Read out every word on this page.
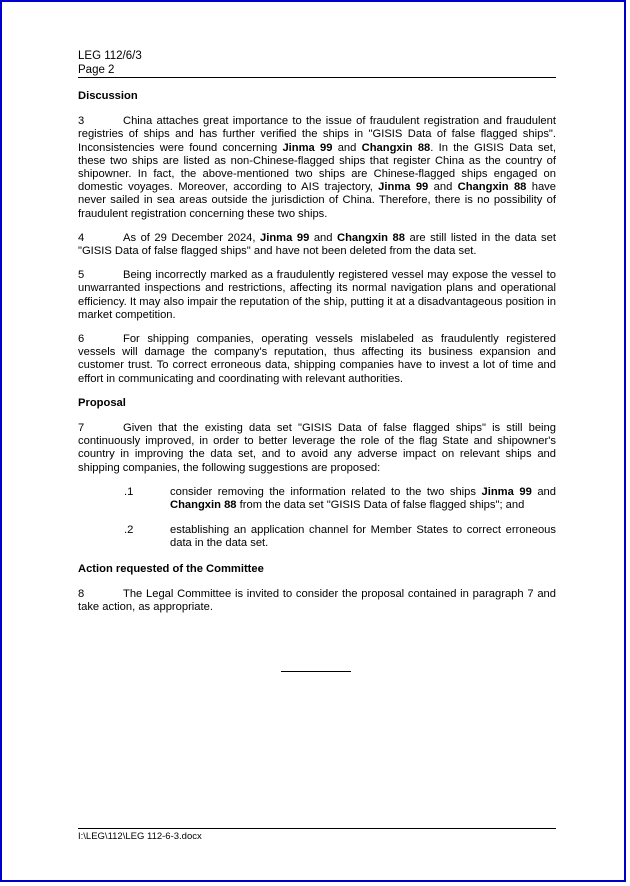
LEG 112/6/3
Page 2
Discussion
3	China attaches great importance to the issue of fraudulent registration and fraudulent registries of ships and has further verified the ships in "GISIS Data of false flagged ships". Inconsistencies were found concerning Jinma 99 and Changxin 88. In the GISIS Data set, these two ships are listed as non-Chinese-flagged ships that register China as the country of shipowner. In fact, the above-mentioned two ships are Chinese-flagged ships engaged on domestic voyages. Moreover, according to AIS trajectory, Jinma 99 and Changxin 88 have never sailed in sea areas outside the jurisdiction of China. Therefore, there is no possibility of fraudulent registration concerning these two ships.
4	As of 29 December 2024, Jinma 99 and Changxin 88 are still listed in the data set "GISIS Data of false flagged ships" and have not been deleted from the data set.
5	Being incorrectly marked as a fraudulently registered vessel may expose the vessel to unwarranted inspections and restrictions, affecting its normal navigation plans and operational efficiency. It may also impair the reputation of the ship, putting it at a disadvantageous position in market competition.
6	For shipping companies, operating vessels mislabeled as fraudulently registered vessels will damage the company's reputation, thus affecting its business expansion and customer trust. To correct erroneous data, shipping companies have to invest a lot of time and effort in communicating and coordinating with relevant authorities.
Proposal
7	Given that the existing data set "GISIS Data of false flagged ships" is still being continuously improved, in order to better leverage the role of the flag State and shipowner's country in improving the data set, and to avoid any adverse impact on relevant ships and shipping companies, the following suggestions are proposed:
.1	consider removing the information related to the two ships Jinma 99 and Changxin 88 from the data set "GISIS Data of false flagged ships"; and
.2	establishing an application channel for Member States to correct erroneous data in the data set.
Action requested of the Committee
8	The Legal Committee is invited to consider the proposal contained in paragraph 7 and take action, as appropriate.
I:\LEG\112\LEG 112-6-3.docx
